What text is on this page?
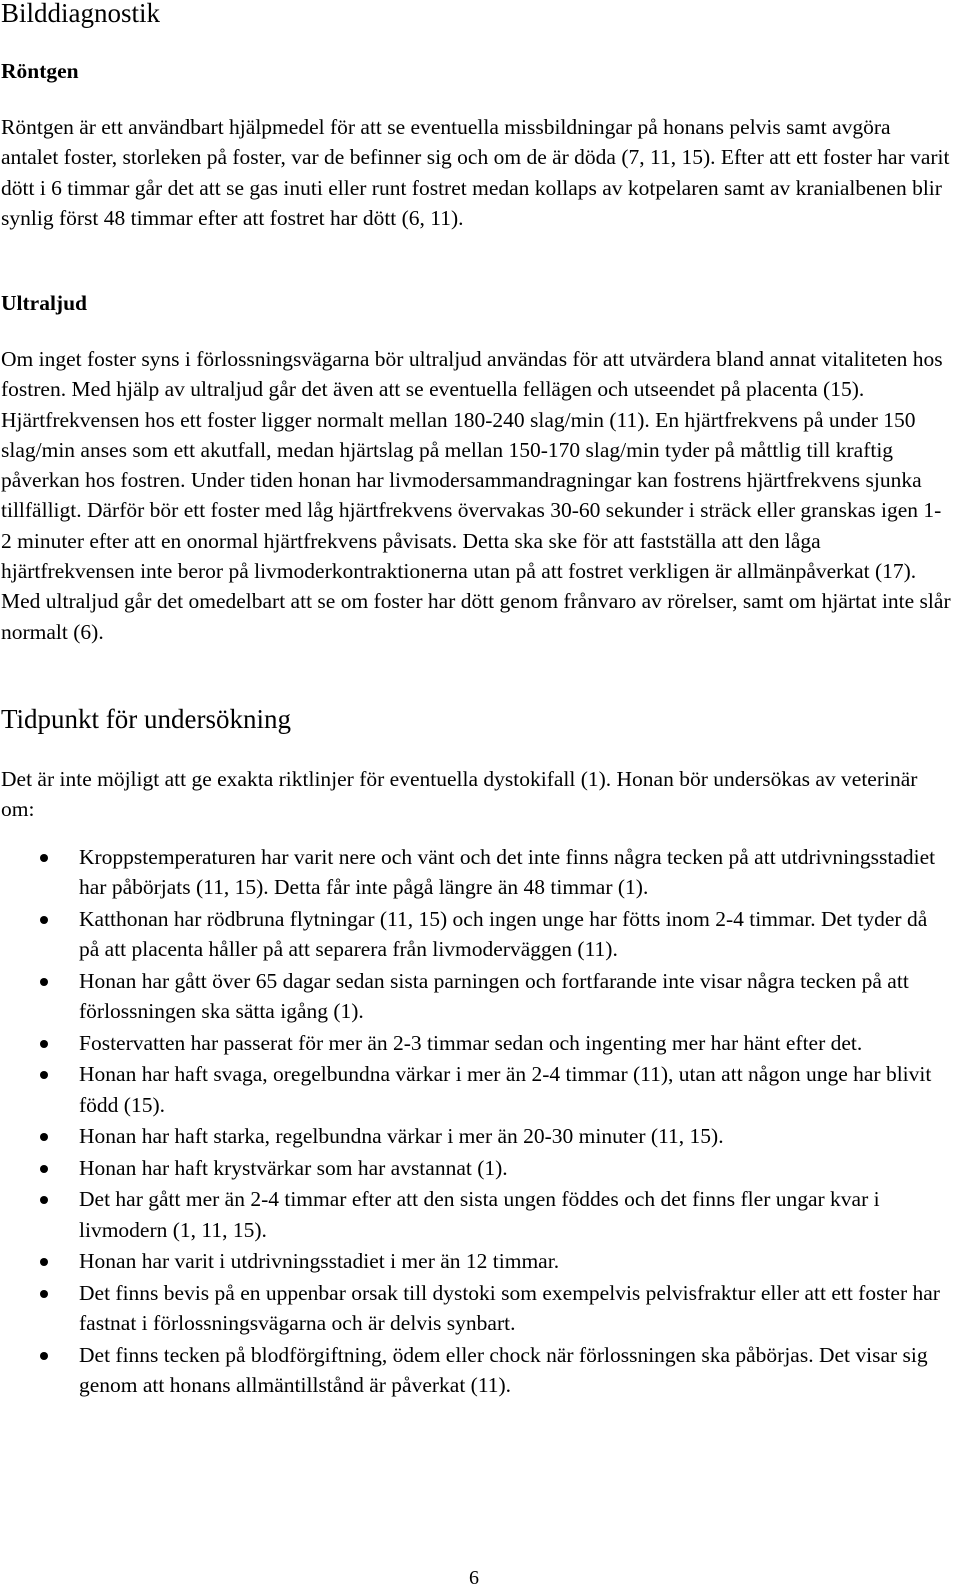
Bilddiagnostik
Röntgen

Röntgen är ett användbart hjälpmedel för att se eventuella missbildningar på honans pelvis samt avgöra antalet foster, storleken på foster, var de befinner sig och om de är döda (7, 11, 15). Efter att ett foster har varit dött i 6 timmar går det att se gas inuti eller runt fostret medan kollaps av kotpelaren samt av kranialbenen blir synlig först 48 timmar efter att fostret har dött (6, 11).

Ultraljud

Om inget foster syns i förlossningsvägarna bör ultraljud användas för att utvärdera bland annat vitaliteten hos fostren. Med hjälp av ultraljud går det även att se eventuella fellägen och utseendet på placenta (15). Hjärtfrekvensen hos ett foster ligger normalt mellan 180-240 slag/min (11). En hjärtfrekvens på under 150 slag/min anses som ett akutfall, medan hjärtslag på mellan 150-170 slag/min tyder på måttlig till kraftig påverkan hos fostren. Under tiden honan har livmodersammandragningar kan fostrens hjärtfrekvens sjunka tillfälligt. Därför bör ett foster med låg hjärtfrekvens övervakas 30-60 sekunder i sträck eller granskas igen 1-2 minuter efter att en onormal hjärtfrekvens påvisats. Detta ska ske för att fastställa att den låga hjärtfrekvensen inte beror på livmoderkontraktionerna utan på att fostret verkligen är allmänpåverkat (17). Med ultraljud går det omedelbart att se om foster har dött genom frånvaro av rörelser, samt om hjärtat inte slår normalt (6).

Tidpunkt för undersökning

Det är inte möjligt att ge exakta riktlinjer för eventuella dystokifall (1). Honan bör undersökas av veterinär om:

Kroppstemperaturen har varit nere och vänt och det inte finns några tecken på att utdrivningsstadiet har påbörjats (11, 15). Detta får inte pågå längre än 48 timmar (1).
Katthonan har rödbruna flytningar (11, 15) och ingen unge har fötts inom 2-4 timmar. Det tyder då på att placenta håller på att separera från livmoderväggen (11).
Honan har gått över 65 dagar sedan sista parningen och fortfarande inte visar några tecken på att förlossningen ska sätta igång (1).
Fostervatten har passerat för mer än 2-3 timmar sedan och ingenting mer har hänt efter det.
Honan har haft svaga, oregelbundna värkar i mer än 2-4 timmar (11), utan att någon unge har blivit född (15).
Honan har haft starka, regelbundna värkar i mer än 20-30 minuter (11, 15).
Honan har haft krystvärkar som har avstannat (1).
Det har gått mer än 2-4 timmar efter att den sista ungen föddes och det finns fler ungar kvar i livmodern (1, 11, 15).
Honan har varit i utdrivningsstadiet i mer än 12 timmar.
Det finns bevis på en uppenbar orsak till dystoki som exempelvis pelvisfraktur eller att ett foster har fastnat i förlossningsvägarna och är delvis synbart.
Det finns tecken på blodförgiftning, ödem eller chock när förlossningen ska påbörjas. Det visar sig genom att honans allmäntillstånd är påverkat (11).
6
